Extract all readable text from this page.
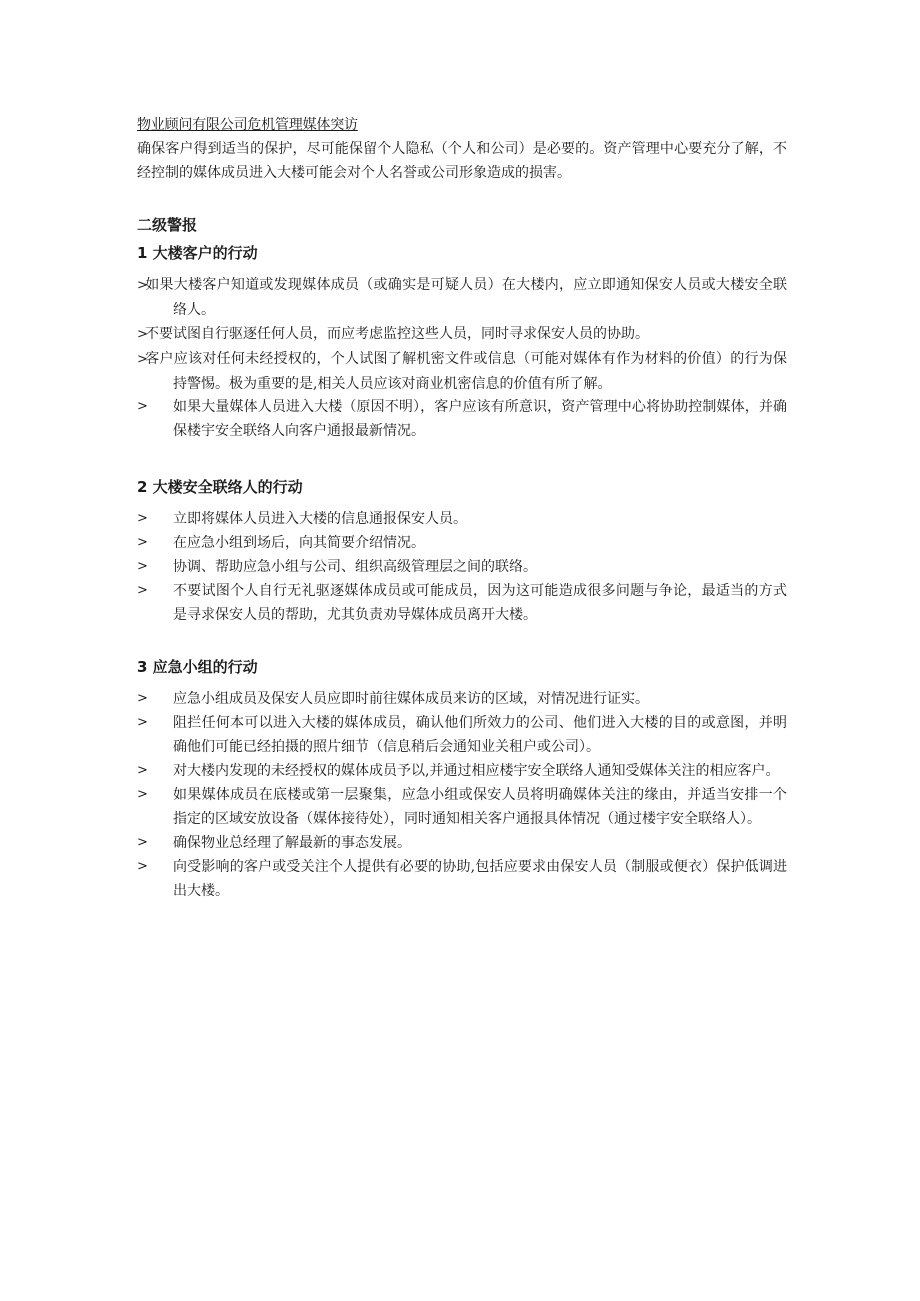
物业顾问有限公司危机管理媒体突访

确保客户得到适当的保护，尽可能保留个人隐私（个人和公司）是必要的。资产管理中心要充分了解，不经控制的媒体成员进入大楼可能会对个人名誉或公司形象造成的损害。

二级警报
1 大楼客户的行动
>如果大楼客户知道或发现媒体成员（或确实是可疑人员）在大楼内，应立即通知保安人员或大楼安全联络人。
>不要试图自行驱逐任何人员，而应考虑监控这些人员，同时寻求保安人员的协助。
>客户应该对任何未经授权的，个人试图了解机密文件或信息（可能对媒体有作为材料的价值）的行为保持警惕。极为重要的是,相关人员应该对商业机密信息的价值有所了解。
> 如果大量媒体人员进入大楼（原因不明），客户应该有所意识，资产管理中心将协助控制媒体，并确保楼宇安全联络人向客户通报最新情况。
2 大楼安全联络人的行动
> 立即将媒体人员进入大楼的信息通报保安人员。
> 在应急小组到场后，向其简要介绍情况。
> 协调、帮助应急小组与公司、组织高级管理层之间的联络。
> 不要试图个人自行无礼驱逐媒体成员或可能成员，因为这可能造成很多问题与争论，最适当的方式是寻求保安人员的帮助，尤其负责劝导媒体成员离开大楼。
3 应急小组的行动
> 应急小组成员及保安人员应即时前往媒体成员来访的区域，对情况进行证实。
> 阻拦任何本可以进入大楼的媒体成员，确认他们所效力的公司、他们进入大楼的目的或意图，并明确他们可能已经拍摄的照片细节（信息稍后会通知业关租户或公司）。
> 对大楼内发现的未经授权的媒体成员予以,并通过相应楼宇安全联络人通知受媒体关注的相应客户。
> 如果媒体成员在底楼或第一层聚集，应急小组或保安人员将明确媒体关注的缘由，并适当安排一个指定的区域安放设备（媒体接待处），同时通知相关客户通报具体情况（通过楼宇安全联络人）。
> 确保物业总经理了解最新的事态发展。
> 向受影响的客户或受关注个人提供有必要的协助,包括应要求由保安人员（制服或便衣）保护低调进出大楼。
